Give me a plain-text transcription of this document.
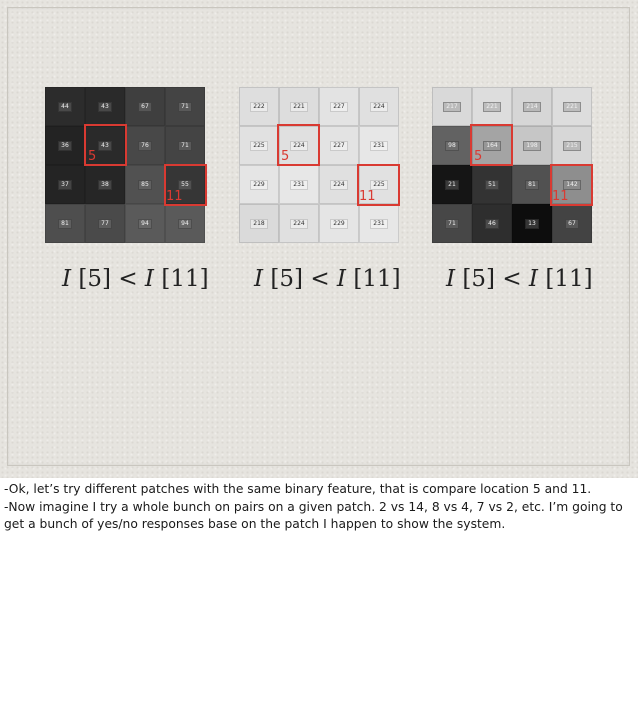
44	43	67	71
36	43	76	71
37	38	85	55
81	77	94	94
5
11
I [5] < I [11]
222	221	227	224
225	224	227	231
229	231	224	225
218	224	229	231
5
11
I [5] < I [11]
217	221	214	221
98	164	198	215
21	51	81	142
71	46	13	67
5
11
I [5] < I [11]

-Ok, let’s try different patches with the same binary feature, that is compare location 5 and 11.

-Now imagine I try a whole bunch on pairs on a given patch. 2 vs 14, 8 vs 4, 7 vs 2, etc. I’m going to get a bunch of yes/no responses base on the patch I happen to show the system.
